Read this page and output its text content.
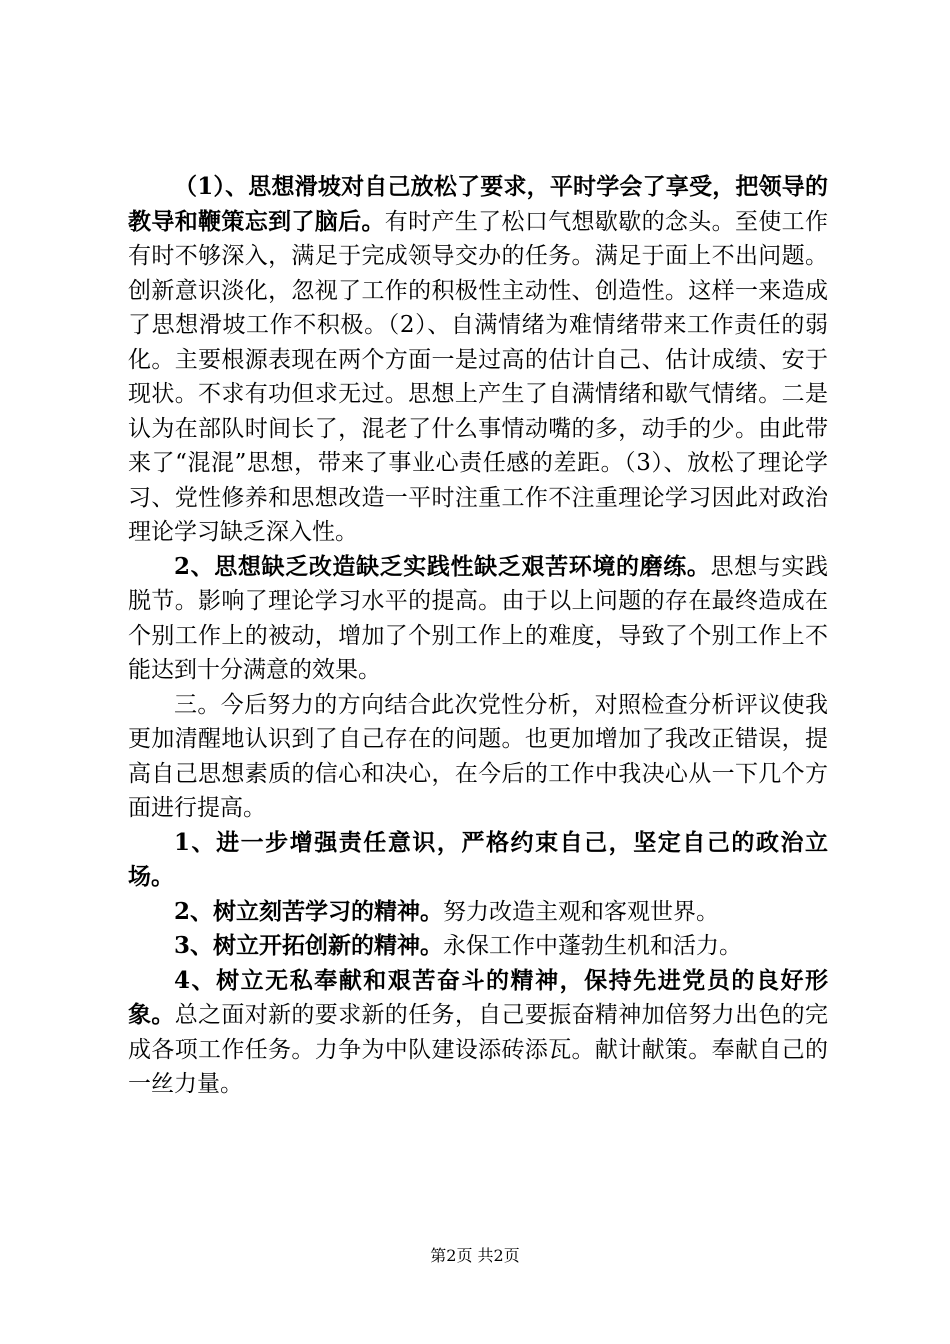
（1）、思想滑坡对自己放松了要求，平时学会了享受，把领导的教导和鞭策忘到了脑后。有时产生了松口气想歇歇的念头。至使工作有时不够深入，满足于完成领导交办的任务。满足于面上不出问题。创新意识淡化，忽视了工作的积极性主动性、创造性。这样一来造成了思想滑坡工作不积极。（2）、自满情绪为难情绪带来工作责任的弱化。主要根源表现在两个方面一是过高的估计自己、估计成绩、安于现状。不求有功但求无过。思想上产生了自满情绪和歇气情绪。二是认为在部队时间长了，混老了什么事情动嘴的多，动手的少。由此带来了“混混”思想，带来了事业心责任感的差距。（3）、放松了理论学习、党性修养和思想改造一平时注重工作不注重理论学习因此对政治理论学习缺乏深入性。

2、思想缺乏改造缺乏实践性缺乏艰苦环境的磨练。思想与实践脱节。影响了理论学习水平的提高。由于以上问题的存在最终造成在个别工作上的被动，增加了个别工作上的难度，导致了个别工作上不能达到十分满意的效果。

三。今后努力的方向结合此次党性分析，对照检查分析评议使我更加清醒地认识到了自己存在的问题。也更加增加了我改正错误，提高自己思想素质的信心和决心，在今后的工作中我决心从一下几个方面进行提高。

1、进一步增强责任意识，严格约束自己，坚定自己的政治立场。

2、树立刻苦学习的精神。努力改造主观和客观世界。

3、树立开拓创新的精神。永保工作中蓬勃生机和活力。

4、树立无私奉献和艰苦奋斗的精神，保持先进党员的良好形象。总之面对新的要求新的任务，自己要振奋精神加倍努力出色的完成各项工作任务。力争为中队建设添砖添瓦。献计献策。奉献自己的一丝力量。

第2页 共2页
